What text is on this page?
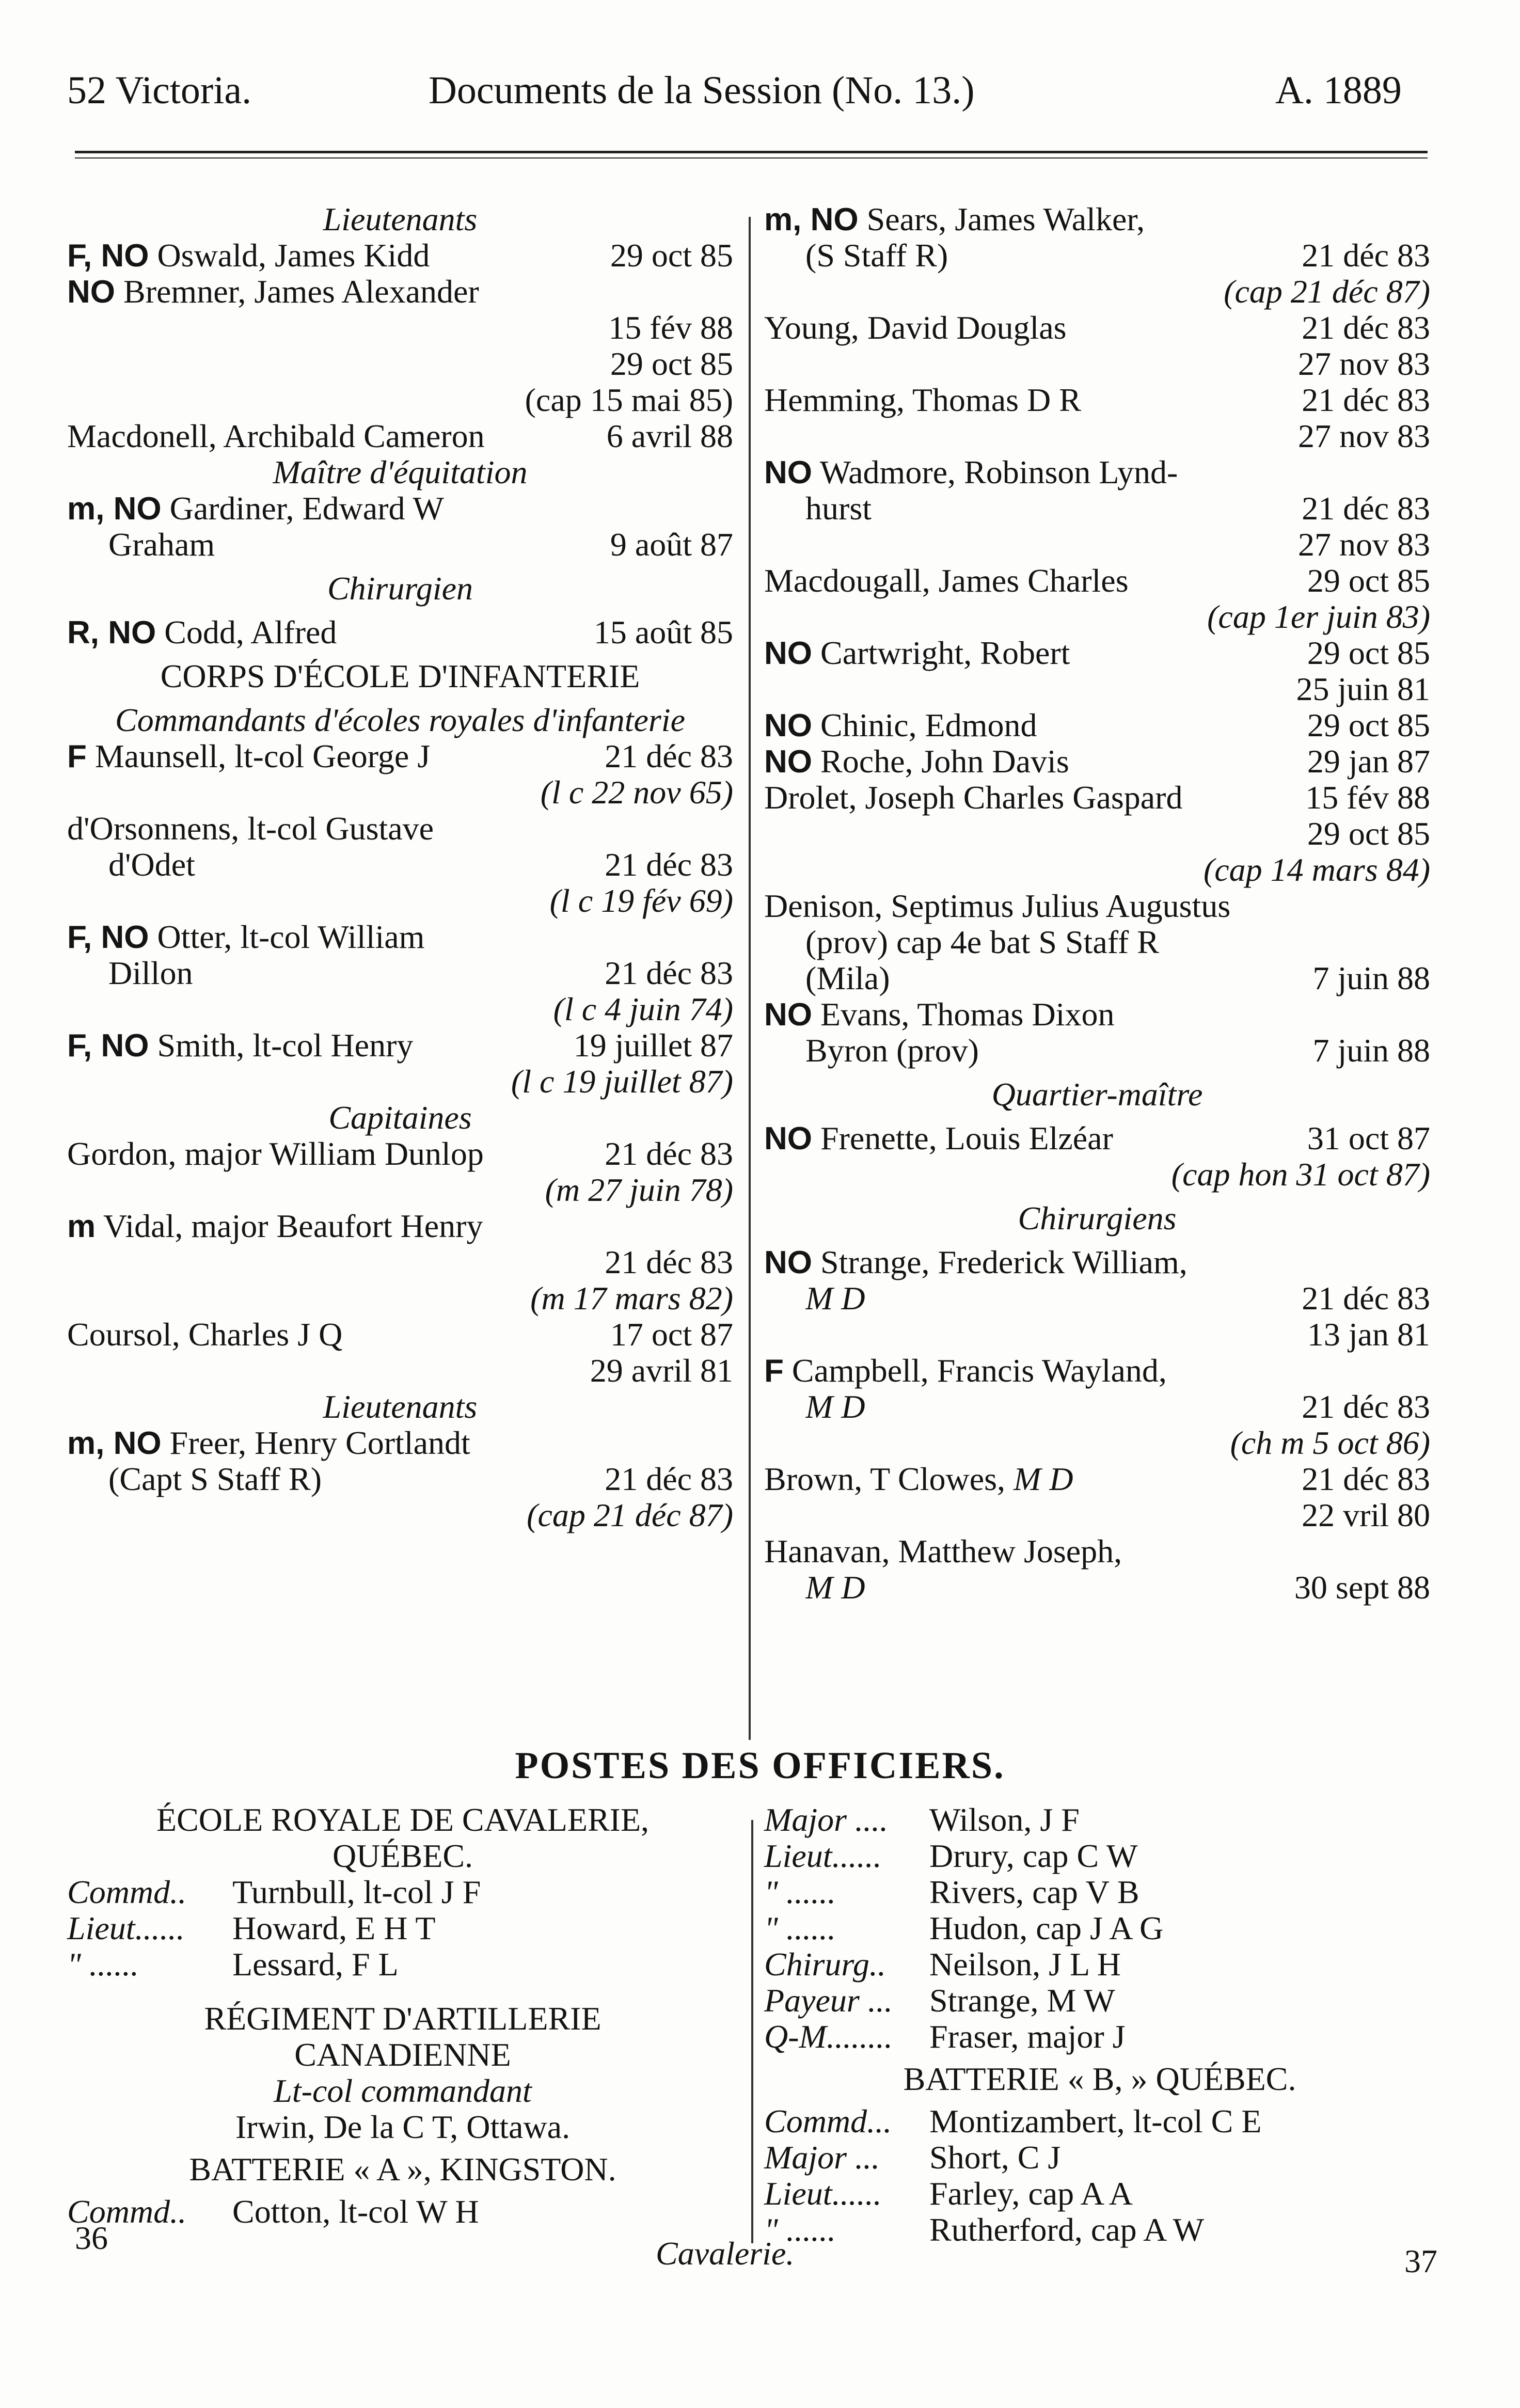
52 Victoria.	Documents de la Session (No. 13.)	A. 1889
Lieutenants
F, NO Oswald, James Kidd	29 oct 85
NO Bremner, James Alexander
15 fév 88
29 oct 85
(cap 15 mai 85)
Macdonell, Archibald Cameron	6 avril 88
Maître d'équitation
m, NO Gardiner, Edward W
Graham	9 août 87
Chirurgien
R, NO Codd, Alfred	15 août 85
CORPS D'ÉCOLE D'INFANTERIE
Commandants d'écoles royales d'infanterie
F Maunsell, lt-col George J	21 déc 83
(l c 22 nov 65)
d'Orsonnens, lt-col Gustave
d'Odet	21 déc 83
(l c 19 fév 69)
F, NO Otter, lt-col William
Dillon	21 déc 83
(l c 4 juin 74)
F, NO Smith, lt-col Henry	19 juillet 87
(l c 19 juillet 87)
Capitaines
Gordon, major William Dunlop	21 déc 83
(m 27 juin 78)
m Vidal, major Beaufort Henry
21 déc 83
(m 17 mars 82)
Coursol, Charles J Q	17 oct 87
29 avril 81
Lieutenants
m, NO Freer, Henry Cortlandt
(Capt S Staff R)	21 déc 83
(cap 21 déc 87)
m, NO Sears, James Walker,
(S Staff R)	21 déc 83
(cap 21 déc 87)
Young, David Douglas	21 déc 83
27 nov 83
Hemming, Thomas D R	21 déc 83
27 nov 83
NO Wadmore, Robinson Lynd-
hurst	21 déc 83
27 nov 83
Macdougall, James Charles	29 oct 85
(cap 1er juin 83)
NO Cartwright, Robert	29 oct 85
25 juin 81
NO Chinic, Edmond	29 oct 85
NO Roche, John Davis	29 jan 87
Drolet, Joseph Charles Gaspard	15 fév 88
29 oct 85
(cap 14 mars 84)
Denison, Septimus Julius Augustus
(prov) cap 4e bat S Staff R
(Mila)	7 juin 88
NO Evans, Thomas Dixon
Byron (prov)	7 juin 88
Quartier-maître
NO Frenette, Louis Elzéar	31 oct 87
(cap hon 31 oct 87)
Chirurgiens
NO Strange, Frederick William,
M D	21 déc 83
13 jan 81
F Campbell, Francis Wayland,
M D	21 déc 83
(ch m 5 oct 86)
Brown, T Clowes, M D	21 déc 83
22 vril 80
Hanavan, Matthew Joseph,
M D	30 sept 88
POSTES DES OFFICIERS.
ÉCOLE ROYALE DE CAVALERIE,
QUÉBEC.
Commd..	Turnbull, lt-col J F
Lieut......	Howard, E H T
" ......	Lessard, F L
RÉGIMENT D'ARTILLERIE
CANADIENNE
Lt-col commandant
Irwin, De la C T, Ottawa.
BATTERIE « A », KINGSTON.
Commd..	Cotton, lt-col W H
Major ....	Wilson, J F
Lieut......	Drury, cap C W
" ......	Rivers, cap V B
" ......	Hudon, cap J A G
Chirurg..	Neilson, J L H
Payeur ...	Strange, M W
Q-M........	Fraser, major J
BATTERIE « B, » QUÉBEC.
Commd...	Montizambert, lt-col C E
Major ...	Short, C J
Lieut......	Farley, cap A A
" ......	Rutherford, cap A W
36	Cavalerie.	37
